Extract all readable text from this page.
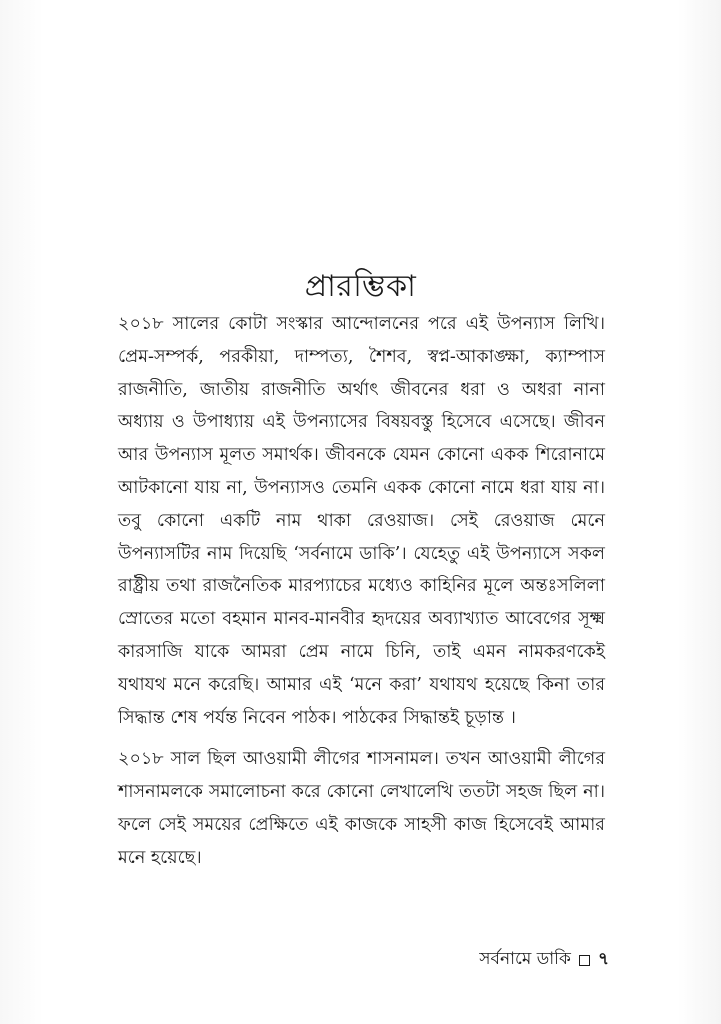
প্রারম্ভিকা

২০১৮ সালের কোটা সংস্কার আন্দোলনের পরে এই উপন্যাস লিখি। প্রেম-সম্পর্ক, পরকীয়া, দাম্পত্য, শৈশব, স্বপ্ন-আকাঙ্ক্ষা, ক্যাম্পাস রাজনীতি, জাতীয় রাজনীতি অর্থাৎ জীবনের ধরা ও অধরা নানা অধ্যায় ও উপাধ্যায় এই উপন্যাসের বিষয়বস্তু হিসেবে এসেছে। জীবন আর উপন্যাস মূলত সমার্থক। জীবনকে যেমন কোনো একক শিরোনামে আটকানো যায় না, উপন্যাসও তেমনি একক কোনো নামে ধরা যায় না। তবু কোনো একটি নাম থাকা রেওয়াজ। সেই রেওয়াজ মেনে উপন্যাসটির নাম দিয়েছি ‘সর্বনামে ডাকি’। যেহেতু এই উপন্যাসে সকল রাষ্ট্রীয় তথা রাজনৈতিক মারপ্যাচের মধ্যেও কাহিনির মূলে অন্তঃসলিলা স্রোতের মতো বহমান মানব-মানবীর হৃদয়ের অব্যাখ্যাত আবেগের সূক্ষ্ম কারসাজি যাকে আমরা প্রেম নামে চিনি, তাই এমন নামকরণকেই যথাযথ মনে করেছি। আমার এই ‘মনে করা’ যথাযথ হয়েছে কিনা তার সিদ্ধান্ত শেষ পর্যন্ত নিবেন পাঠক। পাঠকের সিদ্ধান্তই চূড়ান্ত ।

২০১৮ সাল ছিল আওয়ামী লীগের শাসনামল। তখন আওয়ামী লীগের শাসনামলকে সমালোচনা করে কোনো লেখালেখি ততটা সহজ ছিল না। ফলে সেই সময়ের প্রেক্ষিতে এই কাজকে সাহসী কাজ হিসেবেই আমার মনে হয়েছে।

সর্বনামে ডাকি ৭
